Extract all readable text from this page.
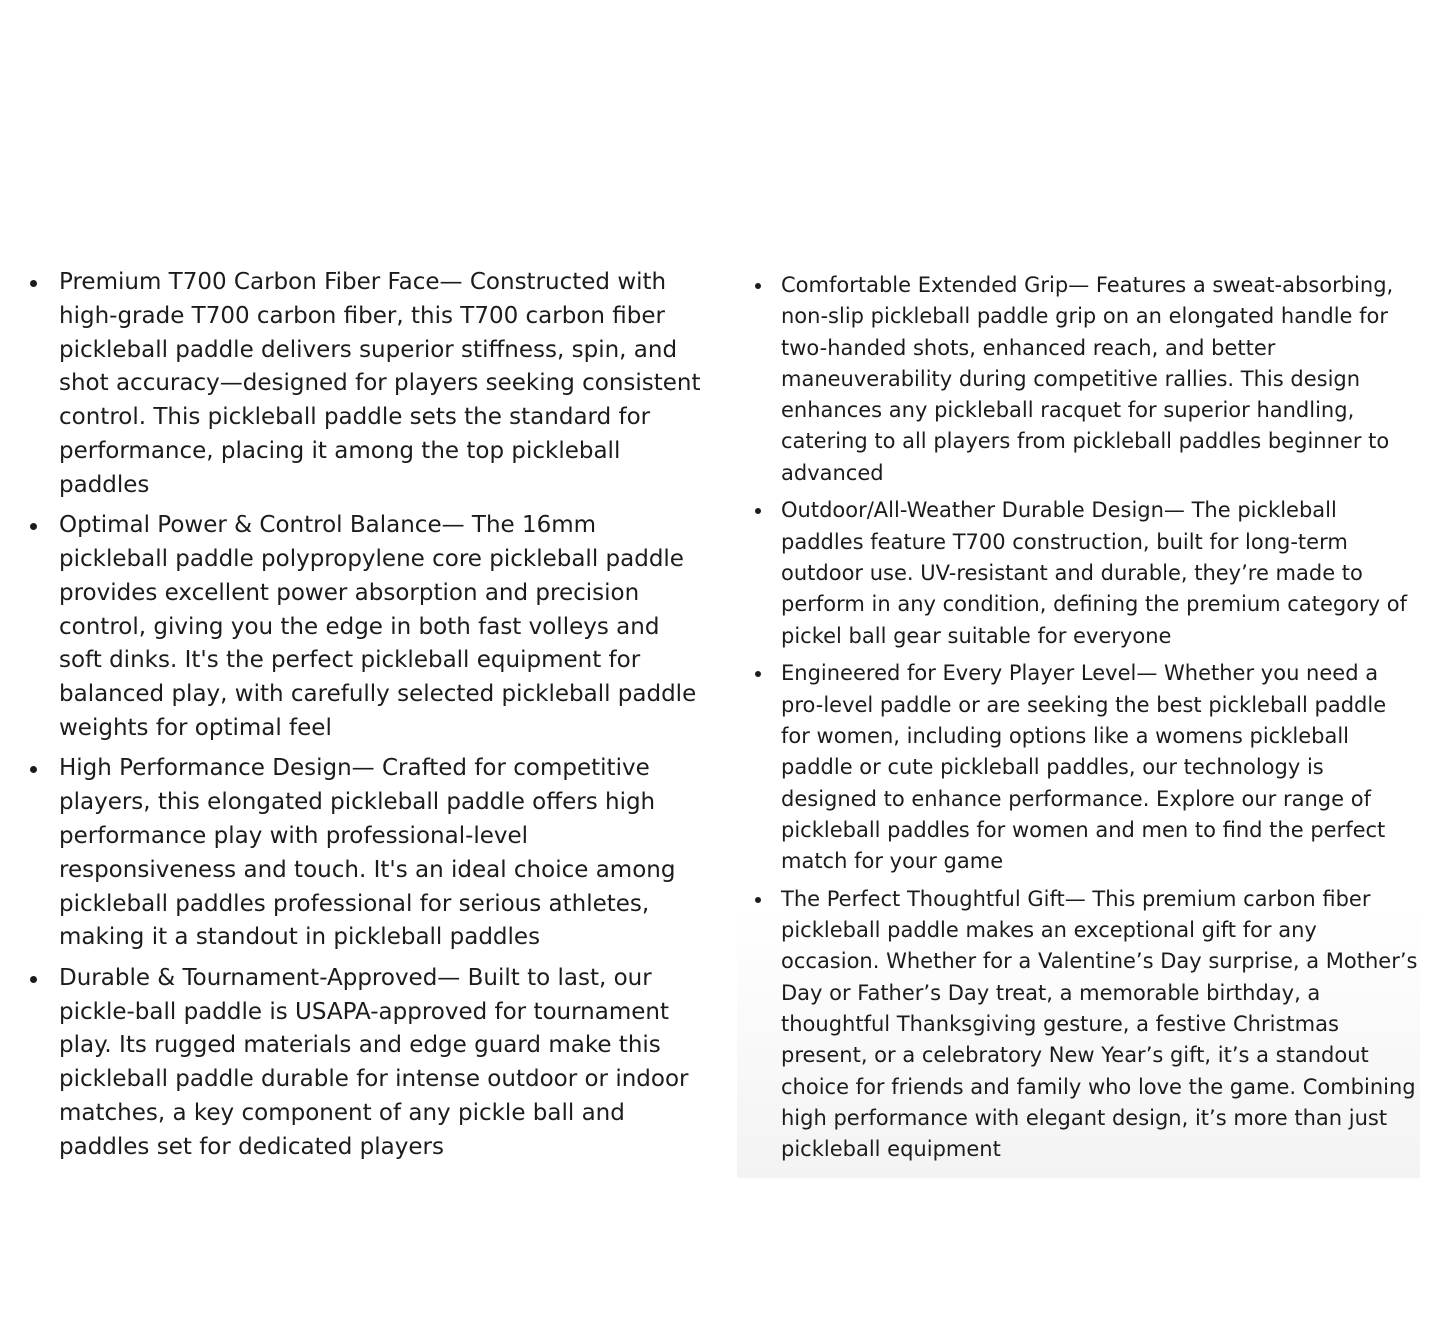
Premium T700 Carbon Fiber Face— Constructed with high-grade T700 carbon fiber, this T700 carbon fiber pickleball paddle delivers superior stiffness, spin, and shot accuracy—designed for players seeking consistent control. This pickleball paddle sets the standard for performance, placing it among the top pickleball paddles
Optimal Power & Control Balance— The 16mm pickleball paddle polypropylene core pickleball paddle provides excellent power absorption and precision control, giving you the edge in both fast volleys and soft dinks. It's the perfect pickleball equipment for balanced play, with carefully selected pickleball paddle weights for optimal feel
High Performance Design— Crafted for competitive players, this elongated pickleball paddle offers high performance play with professional-level responsiveness and touch. It's an ideal choice among pickleball paddles professional for serious athletes, making it a standout in pickleball paddles
Durable & Tournament-Approved— Built to last, our pickle-ball paddle is USAPA-approved for tournament play. Its rugged materials and edge guard make this pickleball paddle durable for intense outdoor or indoor matches, a key component of any pickle ball and paddles set for dedicated players
Comfortable Extended Grip— Features a sweat-absorbing, non-slip pickleball paddle grip on an elongated handle for two-handed shots, enhanced reach, and better maneuverability during competitive rallies. This design enhances any pickleball racquet for superior handling, catering to all players from pickleball paddles beginner to advanced
Outdoor/All-Weather Durable Design— The pickleball paddles feature T700 construction, built for long-term outdoor use. UV-resistant and durable, they’re made to perform in any condition, defining the premium category of pickel ball gear suitable for everyone
Engineered for Every Player Level— Whether you need a pro-level paddle or are seeking the best pickleball paddle for women, including options like a womens pickleball paddle or cute pickleball paddles, our technology is designed to enhance performance. Explore our range of pickleball paddles for women and men to find the perfect match for your game
The Perfect Thoughtful Gift— This premium carbon fiber pickleball paddle makes an exceptional gift for any occasion. Whether for a Valentine’s Day surprise, a Mother’s Day or Father’s Day treat, a memorable birthday, a thoughtful Thanksgiving gesture, a festive Christmas present, or a celebratory New Year’s gift, it’s a standout choice for friends and family who love the game. Combining high performance with elegant design, it’s more than just pickleball equipment
